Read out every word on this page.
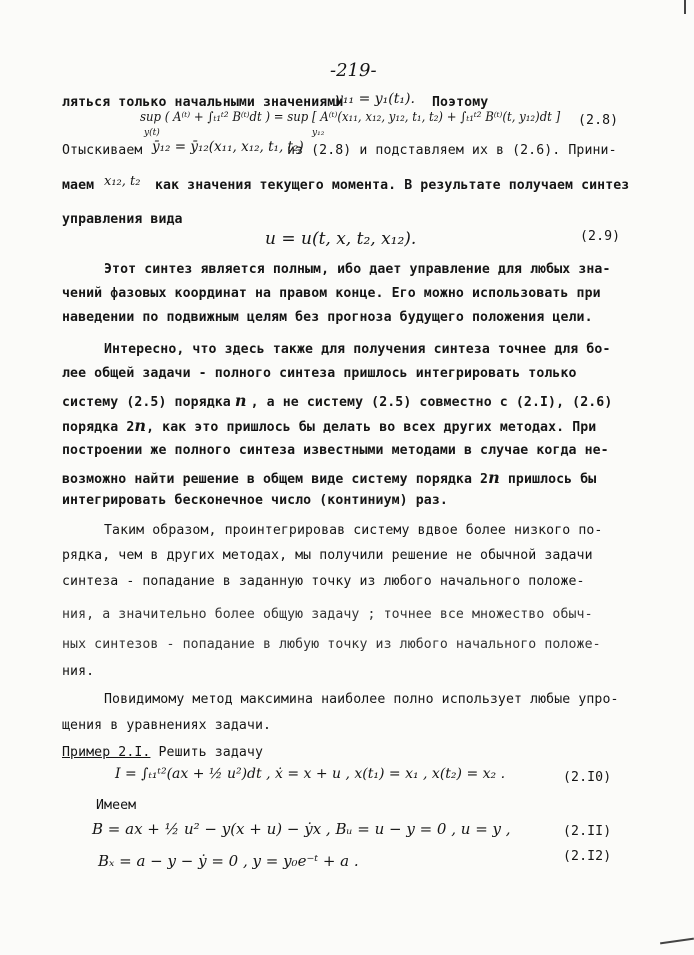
-219-
ляться только начальными значениями
y₁₁ = y₁(t₁). Поэтому
sup ( A⁽ᵗ⁾ + ∫ₜ₁ᵗ² B⁽ᵗ⁾dt ) = sup [ A⁽ᵗ⁾(x₁₁, x₁₂, y₁₂, t₁, t₂) + ∫ₜ₁ᵗ² B⁽ᵗ⁾(t, y₁₂)dt ]
y(t)	y₁₂
(2.8)
Отыскиваем ȳ₁₂ = ȳ₁₂(x₁₁, x₁₂, t₁, t₂)
из (2.8) и подставляем их в (2.6). Прини-
маем x₁₂, t₂ как значения текущего момента. В результате получаем синтез
управления вида
u = u(t, x, t₂, x₁₂).	(2.9)
Этот синтез является полным, ибо дает управление для любых зна-
чений фазовых координат на правом конце. Его можно использовать при
наведении по подвижным целям без прогноза будущего положения цели.
Интересно, что здесь также для получения синтеза точнее для бо-
лее общей задачи - полного синтеза пришлось интегрировать только
систему (2.5) порядка n , а не систему (2.5) совместно с (2.I), (2.6)
порядка 2n, как это пришлось бы делать во всех других методах. При
построении же полного синтеза известными методами в случае когда не-
возможно найти решение в общем виде систему порядка 2n пришлось бы
интегрировать бесконечное число (континиум) раз.
Таким образом, проинтегрировав систему вдвое более низкого по-
рядка, чем в других методах, мы получили решение не обычной задачи
синтеза - попадание в заданную точку из любого начального положе-
ния, а значительно более общую задачу ; точнее все множество обыч-
ных синтезов - попадание в любую точку из любого начального положе-
ния.
Повидимому метод максимина наиболее полно использует любые упро-
щения в уравнениях задачи.
Пример 2.I. Решить задачу
I = ∫ₜ₁ᵗ²(ax + ½ u²)dt , ẋ = x + u , x(t₁) = x₁ , x(t₂) = x₂ .	(2.I0)
Имеем
B = ax + ½ u² − y(x + u) − ẏx , Bᵤ = u − y = 0 , u = y ,	(2.II)
Bₓ = a − y − ẏ = 0 , y = y₀e⁻ᵗ + a .	(2.I2)
